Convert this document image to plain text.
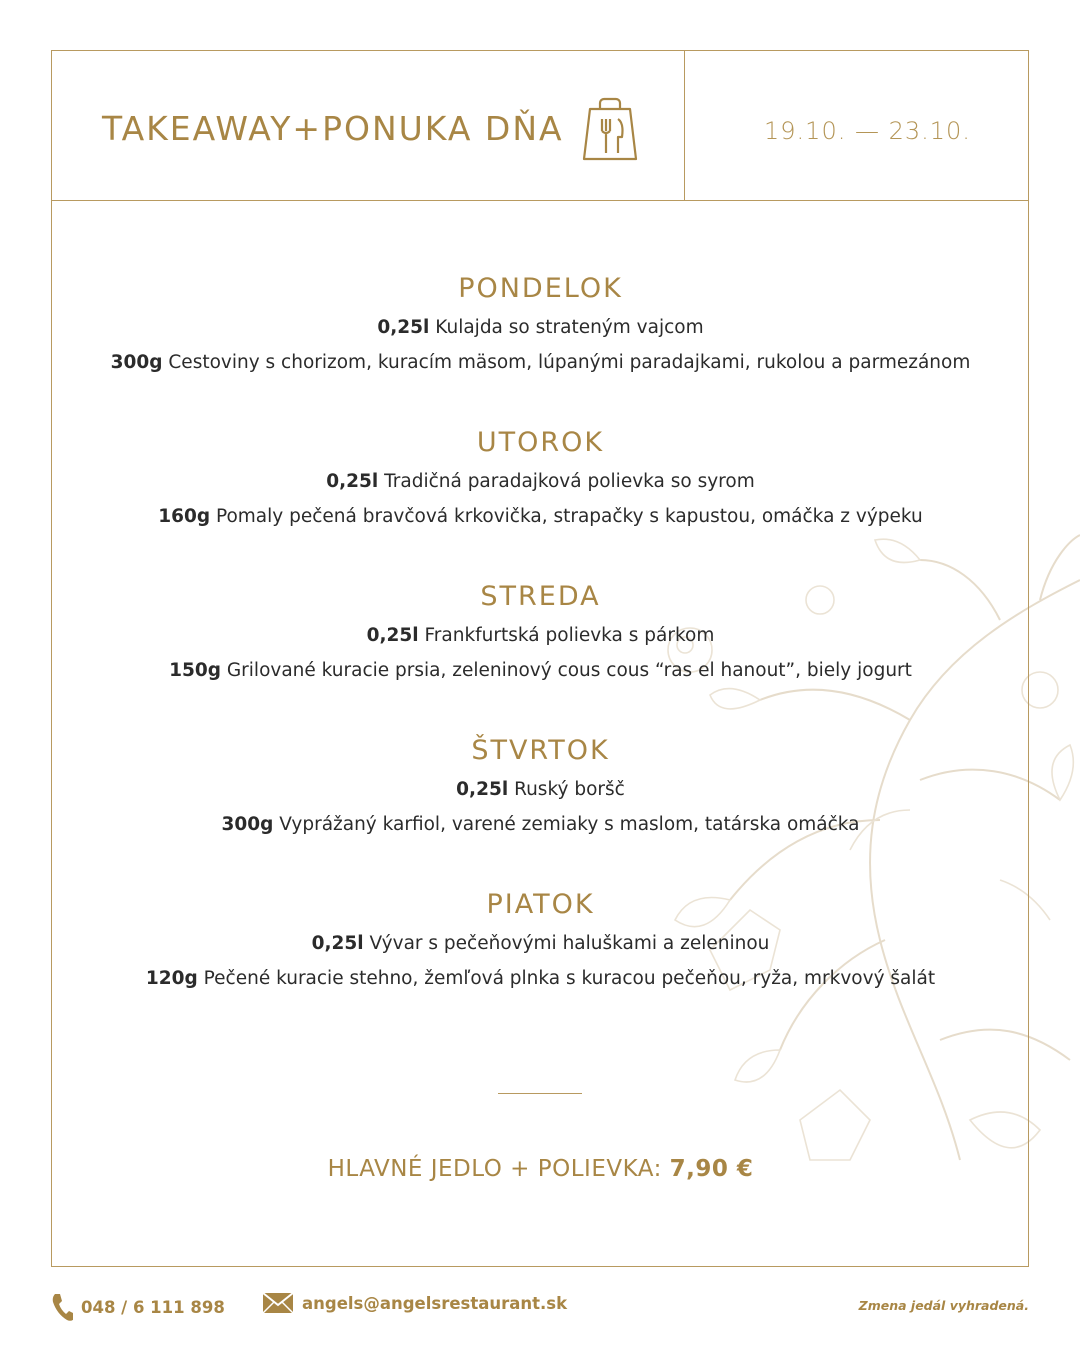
TAKEAWAY+PONUKA DŇA	19.10. — 23.10.
PONDELOK
0,25l Kulajda so strateným vajcom
300g Cestoviny s chorizom, kuracím mäsom, lúpanými paradajkami, rukolou a parmezánom
UTOROK
0,25l Tradičná paradajková polievka so syrom
160g Pomaly pečená bravčová krkovička, strapačky s kapustou, omáčka z výpeku
STREDA
0,25l Frankfurtská polievka s párkom
150g Grilované kuracie prsia, zeleninový cous cous “ras el hanout”, biely jogurt
ŠTVRTOK
0,25l Ruský boršč
300g Vyprážaný karfiol, varené zemiaky s maslom, tatárska omáčka
PIATOK
0,25l Vývar s pečeňovými haluškami a zeleninou
120g Pečené kuracie stehno, žemľová plnka s kuracou pečeňou, ryža, mrkvový šalát
HLAVNÉ JEDLO + POLIEVKA: 7,90 €
048 / 6 111 898	angels@angelsrestaurant.sk	Zmena jedál vyhradená.
